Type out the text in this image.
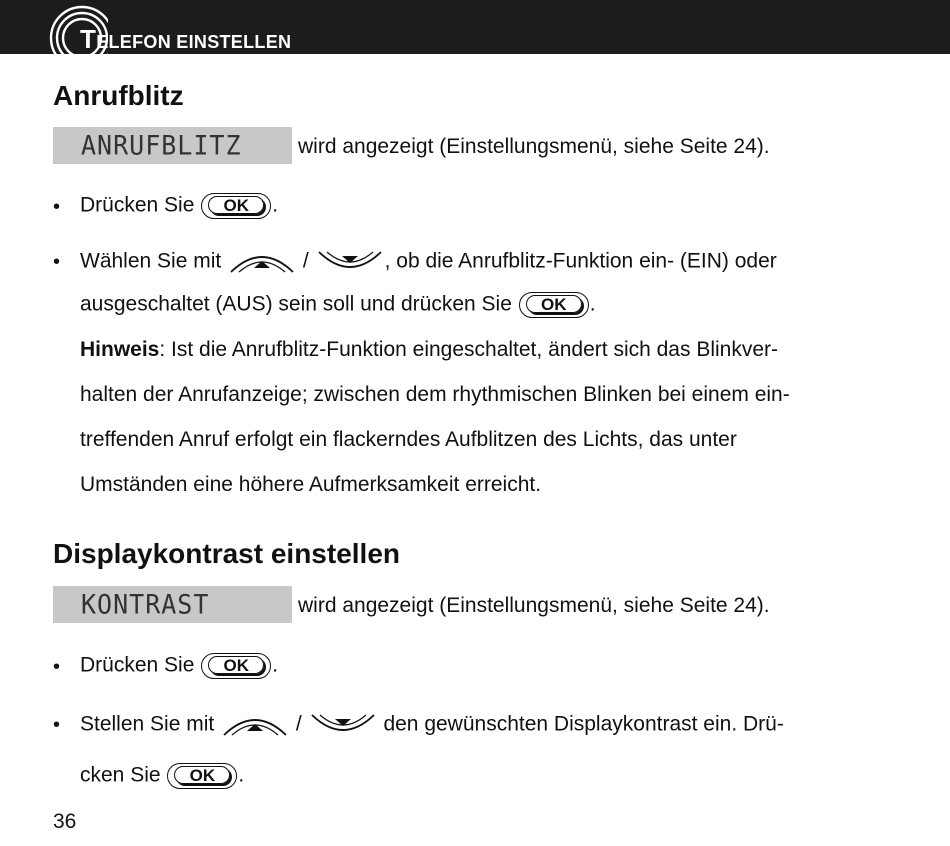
TELEFON EINSTELLEN
Anrufblitz
ANRUFBLITZ	wird angezeigt (Einstellungsmenü, siehe Seite 24).
• Drücken Sie	OK	.
• Wählen Sie mit	/	, ob die Anrufblitz-Funktion ein- (EIN) oder
ausgeschaltet (AUS) sein soll und drücken Sie	OK	.
Hinweis: Ist die Anrufblitz-Funktion eingeschaltet, ändert sich das Blinkver-
halten der Anrufanzeige; zwischen dem rhythmischen Blinken bei einem ein-
treffenden Anruf erfolgt ein flackerndes Aufblitzen des Lichts, das unter
Umständen eine höhere Aufmerksamkeit erreicht.
Displaykontrast einstellen
KONTRAST	wird angezeigt (Einstellungsmenü, siehe Seite 24).
• Drücken Sie	OK	.
• Stellen Sie mit	/	den gewünschten Displaykontrast ein. Drü-
cken Sie	OK	.
36
